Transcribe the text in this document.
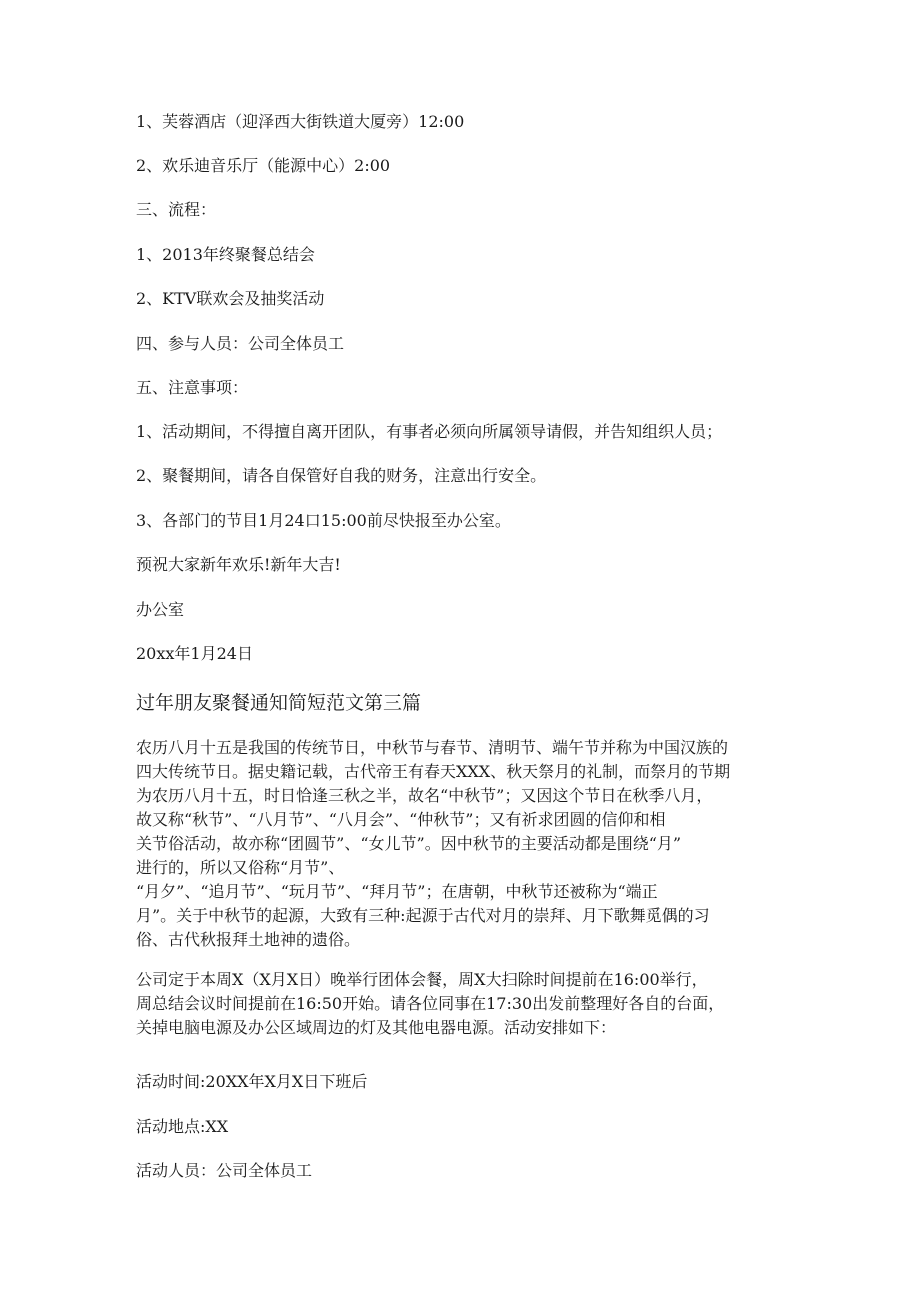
1、芙蓉酒店（迎泽西大街铁道大厦旁）12:00
2、欢乐迪音乐厅（能源中心）2:00
三、流程：
1、2013年终聚餐总结会
2、KTV联欢会及抽奖活动
四、参与人员：公司全体员工
五、注意事项：
1、活动期间，不得擅自离开团队，有事者必须向所属领导请假，并告知组织人员；
2、聚餐期间，请各自保管好自我的财务，注意出行安全。
3、各部门的节目1月24口15:00前尽快报至办公室。
预祝大家新年欢乐!新年大吉!
办公室
20xx年1月24日
过年朋友聚餐通知简短范文第三篇
农历八月十五是我国的传统节日，中秋节与春节、清明节、端午节并称为中国汉族的
四大传统节日。据史籍记载，古代帝王有春天XXX、秋天祭月的礼制，而祭月的节期
为农历八月十五，时日恰逢三秋之半，故名“中秋节”；又因这个节日在秋季八月，
故又称“秋节”、“八月节”、“八月会”、“仲秋节”；又有祈求团圆的信仰和相
关节俗活动，故亦称“团圆节”、“女儿节”。因中秋节的主要活动都是围绕“月”
进行的，所以又俗称“月节”、
“月夕”、“追月节”、“玩月节”、“拜月节”；在唐朝，中秋节还被称为“端正
月”。关于中秋节的起源，大致有三种:起源于古代对月的崇拜、月下歌舞觅偶的习
俗、古代秋报拜土地神的遗俗。
公司定于本周X（X月X日）晚举行团体会餐，周X大扫除时间提前在16:00举行，
周总结会议时间提前在16:50开始。请各位同事在17:30出发前整理好各自的台面，
关掉电脑电源及办公区域周边的灯及其他电器电源。活动安排如下：
活动时间:20XX年X月X日下班后
活动地点:XX
活动人员：公司全体员工
